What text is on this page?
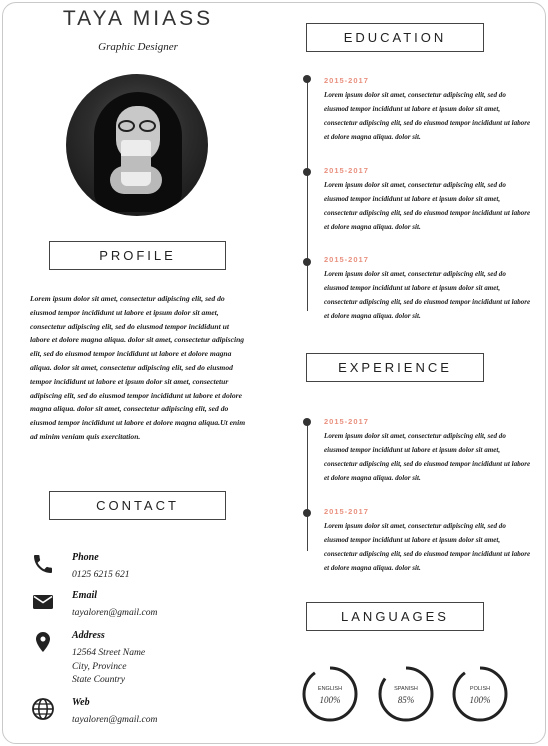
TAYA MIASS
Graphic Designer
PROFILE
Lorem ipsum dolor sit amet, consectetur adipiscing elit, sed do eiusmod tempor incididunt ut labore et ipsum dolor sit amet, consectetur adipiscing elit, sed do eiusmod tempor incididunt ut labore et dolore magna aliqua. dolor sit amet, consectetur adipiscing elit, sed do eiusmod tempor incididunt ut labore et dolore magna aliqua. dolor sit amet, consectetur adipiscing elit, sed do eiusmod tempor incididunt ut labore et ipsum dolor sit amet, consectetur adipiscing elit, sed do eiusmod tempor incididunt ut labore et dolore magna aliqua. dolor sit amet, consectetur adipiscing elit, sed do eiusmod tempor incididunt ut labore et dolore magna aliqua.Ut enim ad minim veniam quis exercitation.
CONTACT
Phone
0125 6215 621
Email
tayaloren@gmail.com
Address
12564 Street Name
City, Province
State Country
Web
tayaloren@gmail.com
EDUCATION
2015-2017
Lorem ipsum dolor sit amet, consectetur adipiscing elit, sed do eiusmod tempor incididunt ut labore et ipsum dolor sit amet, consectetur adipiscing elit, sed do eiusmod tempor incididunt ut labore et dolore magna aliqua. dolor sit.
2015-2017
Lorem ipsum dolor sit amet, consectetur adipiscing elit, sed do eiusmod tempor incididunt ut labore et ipsum dolor sit amet, consectetur adipiscing elit, sed do eiusmod tempor incididunt ut labore et dolore magna aliqua. dolor sit.
2015-2017
Lorem ipsum dolor sit amet, consectetur adipiscing elit, sed do eiusmod tempor incididunt ut labore et ipsum dolor sit amet, consectetur adipiscing elit, sed do eiusmod tempor incididunt ut labore et dolore magna aliqua. dolor sit.
EXPERIENCE
2015-2017
Lorem ipsum dolor sit amet, consectetur adipiscing elit, sed do eiusmod tempor incididunt ut labore et ipsum dolor sit amet, consectetur adipiscing elit, sed do eiusmod tempor incididunt ut labore et dolore magna aliqua. dolor sit.
2015-2017
Lorem ipsum dolor sit amet, consectetur adipiscing elit, sed do eiusmod tempor incididunt ut labore et ipsum dolor sit amet, consectetur adipiscing elit, sed do eiusmod tempor incididunt ut labore et dolore magna aliqua. dolor sit.
LANGUAGES
ENGLISH
100%
SPANISH
85%
POLISH
100%
